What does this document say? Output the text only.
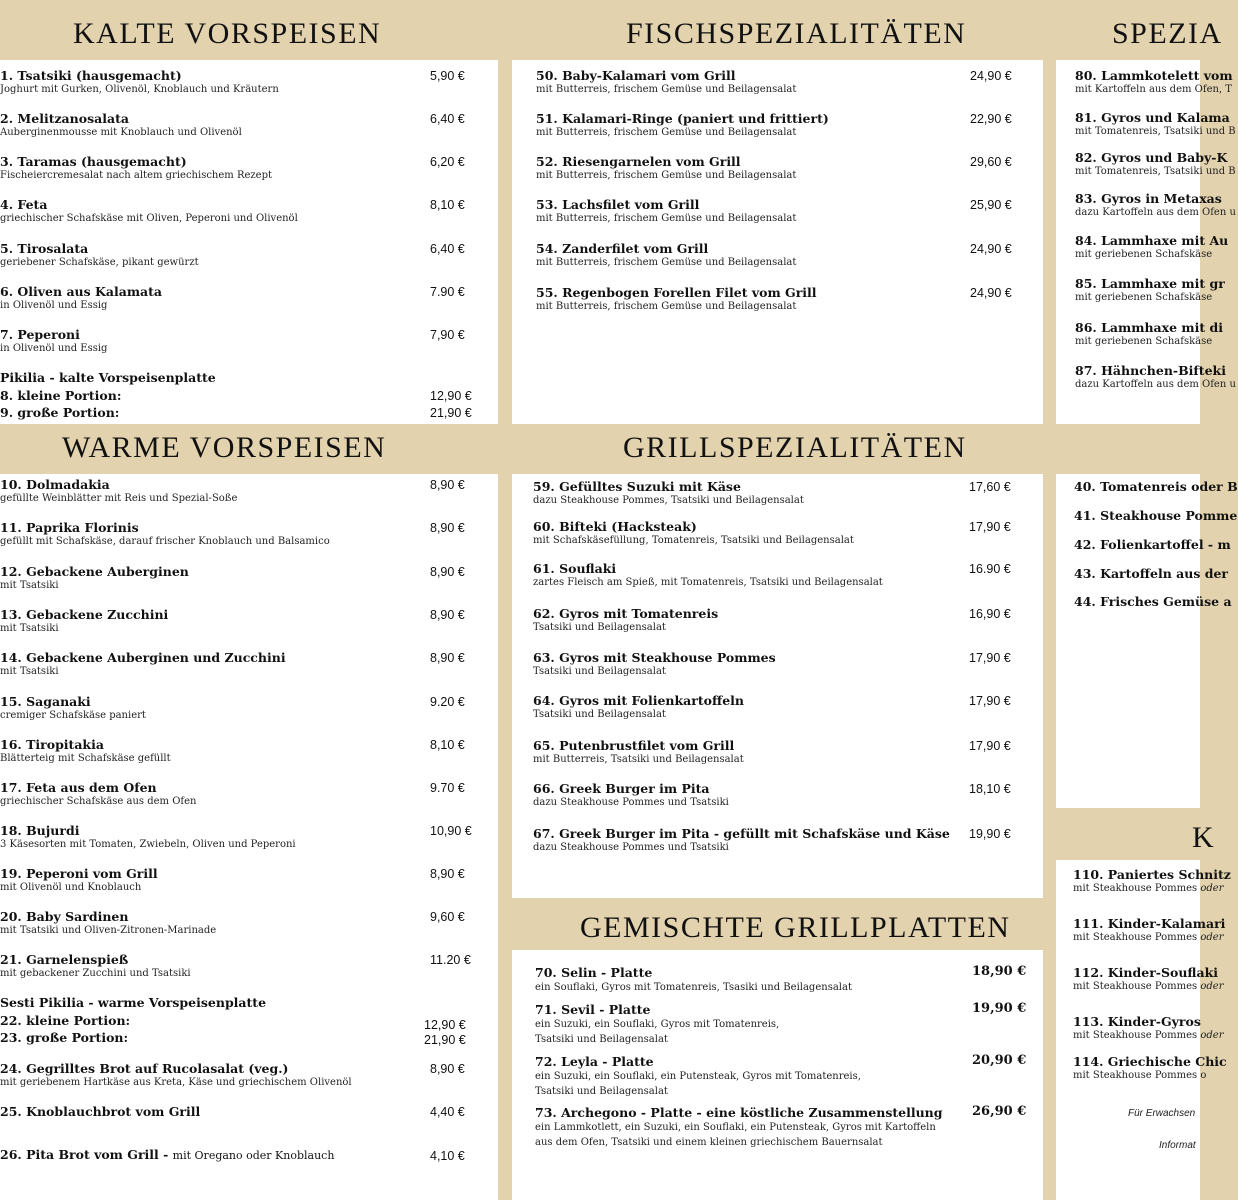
KALTE VORSPEISEN
1. Tsatsiki (hausgemacht)
Joghurt mit Gurken, Olivenöl, Knoblauch und Kräutern
5,90 €
2. Melitzanosalata
Auberginenmousse mit Knoblauch und Olivenöl
6,40 €
3. Taramas (hausgemacht)
Fischeiercremesalat nach altem griechischem Rezept
6,20 €
4. Feta
griechischer Schafskäse mit Oliven, Peperoni und Olivenöl
8,10 €
5. Tirosalata
geriebener Schafskäse, pikant gewürzt
6,40 €
6. Oliven aus Kalamata
in Olivenöl und Essig
7.90 €
7. Peperoni
in Olivenöl und Essig
7,90 €
Pikilia - kalte Vorspeisenplatte
8. kleine Portion:	12,90 €
9. große Portion:	21,90 €
FISCHSPEZIALITÄTEN
50. Baby-Kalamari vom Grill
mit Butterreis, frischem Gemüse und Beilagensalat
24,90 €
51. Kalamari-Ringe (paniert und frittiert)
mit Butterreis, frischem Gemüse und Beilagensalat
22,90 €
52. Riesengarnelen vom Grill
mit Butterreis, frischem Gemüse und Beilagensalat
29,60 €
53. Lachsfilet vom Grill
mit Butterreis, frischem Gemüse und Beilagensalat
25,90 €
54. Zanderfilet vom Grill
mit Butterreis, frischem Gemüse und Beilagensalat
24,90 €
55. Regenbogen Forellen Filet vom Grill
mit Butterreis, frischem Gemüse und Beilagensalat
24,90 €
SPEZIA
80. Lammkotelett vom
mit Kartoffeln aus dem Ofen, T
81. Gyros und Kalama
mit Tomatenreis, Tsatsiki und B
82. Gyros und Baby-K
mit Tomatenreis, Tsatsiki und B
83. Gyros in Metaxas
dazu Kartoffeln aus dem Ofen u
84. Lammhaxe mit Au
mit geriebenen Schafskäse
85. Lammhaxe mit gr
mit geriebenen Schafskäse
86. Lammhaxe mit di
mit geriebenen Schafskäse
87. Hähnchen-Bifteki
dazu Kartoffeln aus dem Ofen u
WARME VORSPEISEN
10. Dolmadakia
gefüllte Weinblätter mit Reis und Spezial-Soße
8,90 €
11. Paprika Florinis
gefüllt mit Schafskäse, darauf frischer Knoblauch und Balsamico
8,90 €
12. Gebackene Auberginen
mit Tsatsiki
8,90 €
13. Gebackene Zucchini
mit Tsatsiki
8,90 €
14. Gebackene Auberginen und Zucchini
mit Tsatsiki
8,90 €
15. Saganaki
cremiger Schafskäse paniert
9.20 €
16. Tiropitakia
Blätterteig mit Schafskäse gefüllt
8,10 €
17. Feta aus dem Ofen
griechischer Schafskäse aus dem Ofen
9.70 €
18. Bujurdi
3 Käsesorten mit Tomaten, Zwiebeln, Oliven und Peperoni
10,90 €
19. Peperoni vom Grill
mit Olivenöl und Knoblauch
8,90 €
20. Baby Sardinen
mit Tsatsiki und Oliven-Zitronen-Marinade
9,60 €
21. Garnelenspieß
mit gebackener Zucchini und Tsatsiki
11.20 €
Sesti Pikilia - warme Vorspeisenplatte
22. kleine Portion:	12,90 €
23. große Portion:	21,90 €
24. Gegrilltes Brot auf Rucolasalat (veg.)
mit geriebenem Hartkäse aus Kreta, Käse und griechischem Olivenöl
8,90 €
25. Knoblauchbrot vom Grill	4,40 €
26. Pita Brot vom Grill - mit Oregano oder Knoblauch	4,10 €
GRILLSPEZIALITÄTEN
59. Gefülltes Suzuki mit Käse
dazu Steakhouse Pommes, Tsatsiki und Beilagensalat
17,60 €
60. Bifteki (Hacksteak)
mit Schafskäsefüllung, Tomatenreis, Tsatsiki und Beilagensalat
17,90 €
61. Souflaki
zartes Fleisch am Spieß, mit Tomatenreis, Tsatsiki und Beilagensalat
16.90 €
62. Gyros mit Tomatenreis
Tsatsiki und Beilagensalat
16,90 €
63. Gyros mit Steakhouse Pommes
Tsatsiki und Beilagensalat
17,90 €
64. Gyros mit Folienkartoffeln
Tsatsiki und Beilagensalat
17,90 €
65. Putenbrustfilet vom Grill
mit Butterreis, Tsatsiki und Beilagensalat
17,90 €
66. Greek Burger im Pita
dazu Steakhouse Pommes und Tsatsiki
18,10 €
67. Greek Burger im Pita - gefüllt mit Schafskäse und Käse
dazu Steakhouse Pommes und Tsatsiki
19,90 €
GEMISCHTE GRILLPLATTEN
70. Selin - Platte
ein Souflaki, Gyros mit Tomatenreis, Tsasiki und Beilagensalat
18,90 €
71. Sevil - Platte
ein Suzuki, ein Souflaki, Gyros mit Tomatenreis,
Tsatsiki und Beilagensalat
19,90 €
72. Leyla - Platte
ein Suzuki, ein Souflaki, ein Putensteak, Gyros mit Tomatenreis,
Tsatsiki und Beilagensalat
20,90 €
73. Archegono - Platte - eine köstliche Zusammenstellung
ein Lammkotlett, ein Suzuki, ein Souflaki, ein Putensteak, Gyros mit Kartoffeln
aus dem Ofen, Tsatsiki und einem kleinen griechischem Bauernsalat
26,90 €
40. Tomatenreis oder B
41. Steakhouse Pomme
42. Folienkartoffel - m
43. Kartoffeln aus der
44. Frisches Gemüse a
K
110. Paniertes Schnitz
mit Steakhouse Pommes oder
111. Kinder-Kalamari
mit Steakhouse Pommes oder
112. Kinder-Souflaki
mit Steakhouse Pommes oder
113. Kinder-Gyros
mit Steakhouse Pommes oder
114. Griechische Chic
mit Steakhouse Pommes o
Für Erwachsen
Informat
